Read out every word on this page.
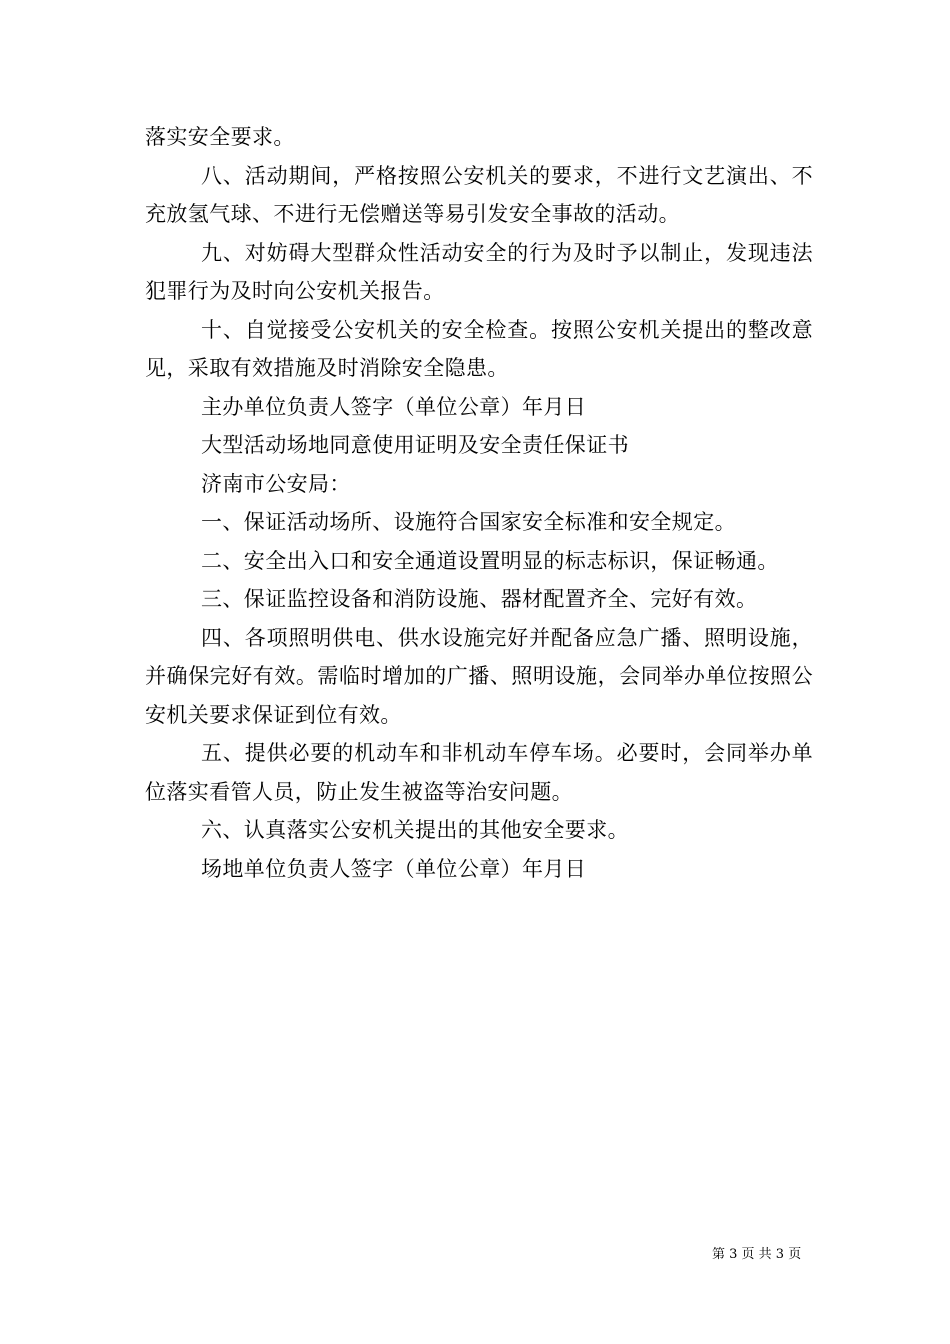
落实安全要求。

八、活动期间，严格按照公安机关的要求，不进行文艺演出、不充放氢气球、不进行无偿赠送等易引发安全事故的活动。

九、对妨碍大型群众性活动安全的行为及时予以制止，发现违法犯罪行为及时向公安机关报告。

十、自觉接受公安机关的安全检查。按照公安机关提出的整改意见，采取有效措施及时消除安全隐患。

主办单位负责人签字（单位公章）年月日

大型活动场地同意使用证明及安全责任保证书

济南市公安局：

一、保证活动场所、设施符合国家安全标准和安全规定。

二、安全出入口和安全通道设置明显的标志标识，保证畅通。

三、保证监控设备和消防设施、器材配置齐全、完好有效。

四、各项照明供电、供水设施完好并配备应急广播、照明设施，并确保完好有效。需临时增加的广播、照明设施，会同举办单位按照公安机关要求保证到位有效。

五、提供必要的机动车和非机动车停车场。必要时，会同举办单位落实看管人员，防止发生被盗等治安问题。

六、认真落实公安机关提出的其他安全要求。

场地单位负责人签字（单位公章）年月日

第 3 页 共 3 页
